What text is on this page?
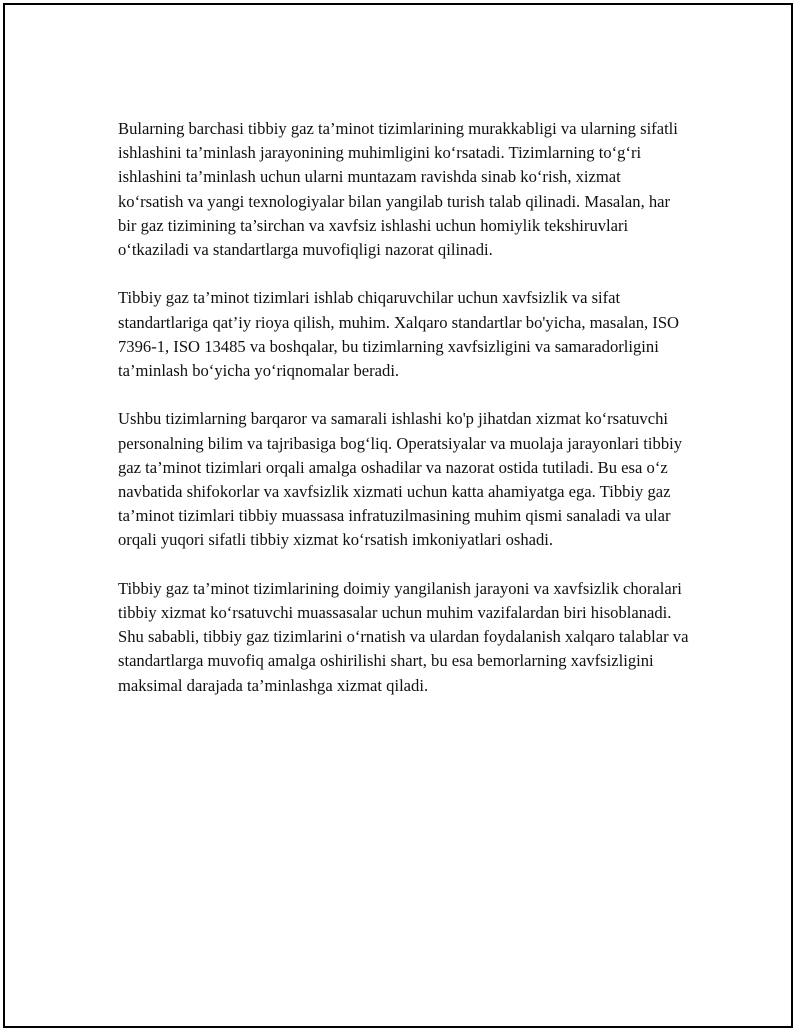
Bularning barchasi tibbiy gaz ta’minot tizimlarining murakkabligi va ularning sifatli ishlashini ta’minlash jarayonining muhimligini ko‘rsatadi. Tizimlarning to‘g‘ri ishlashini ta’minlash uchun ularni muntazam ravishda sinab ko‘rish, xizmat ko‘rsatish va yangi texnologiyalar bilan yangilab turish talab qilinadi. Masalan, har bir gaz tizimining ta’sirchan va xavfsiz ishlashi uchun homiylik tekshiruvlari o‘tkaziladi va standartlarga muvofiqligi nazorat qilinadi.

Tibbiy gaz ta’minot tizimlari ishlab chiqaruvchilar uchun xavfsizlik va sifat standartlariga qat’iy rioya qilish, muhim. Xalqaro standartlar bo'yicha, masalan, ISO 7396-1, ISO 13485 va boshqalar, bu tizimlarning xavfsizligini va samaradorligini ta’minlash bo‘yicha yo‘riqnomalar beradi.

Ushbu tizimlarning barqaror va samarali ishlashi ko'p jihatdan xizmat ko‘rsatuvchi personalning bilim va tajribasiga bog‘liq. Operatsiyalar va muolaja jarayonlari tibbiy gaz ta’minot tizimlari orqali amalga oshadilar va nazorat ostida tutiladi. Bu esa o‘z navbatida shifokorlar va xavfsizlik xizmati uchun katta ahamiyatga ega. Tibbiy gaz ta’minot tizimlari tibbiy muassasa infratuzilmasining muhim qismi sanaladi va ular orqali yuqori sifatli tibbiy xizmat ko‘rsatish imkoniyatlari oshadi.

Tibbiy gaz ta’minot tizimlarining doimiy yangilanish jarayoni va xavfsizlik choralari tibbiy xizmat ko‘rsatuvchi muassasalar uchun muhim vazifalardan biri hisoblanadi. Shu sababli, tibbiy gaz tizimlarini o‘rnatish va ulardan foydalanish xalqaro talablar va standartlarga muvofiq amalga oshirilishi shart, bu esa bemorlarning xavfsizligini maksimal darajada ta’minlashga xizmat qiladi.
